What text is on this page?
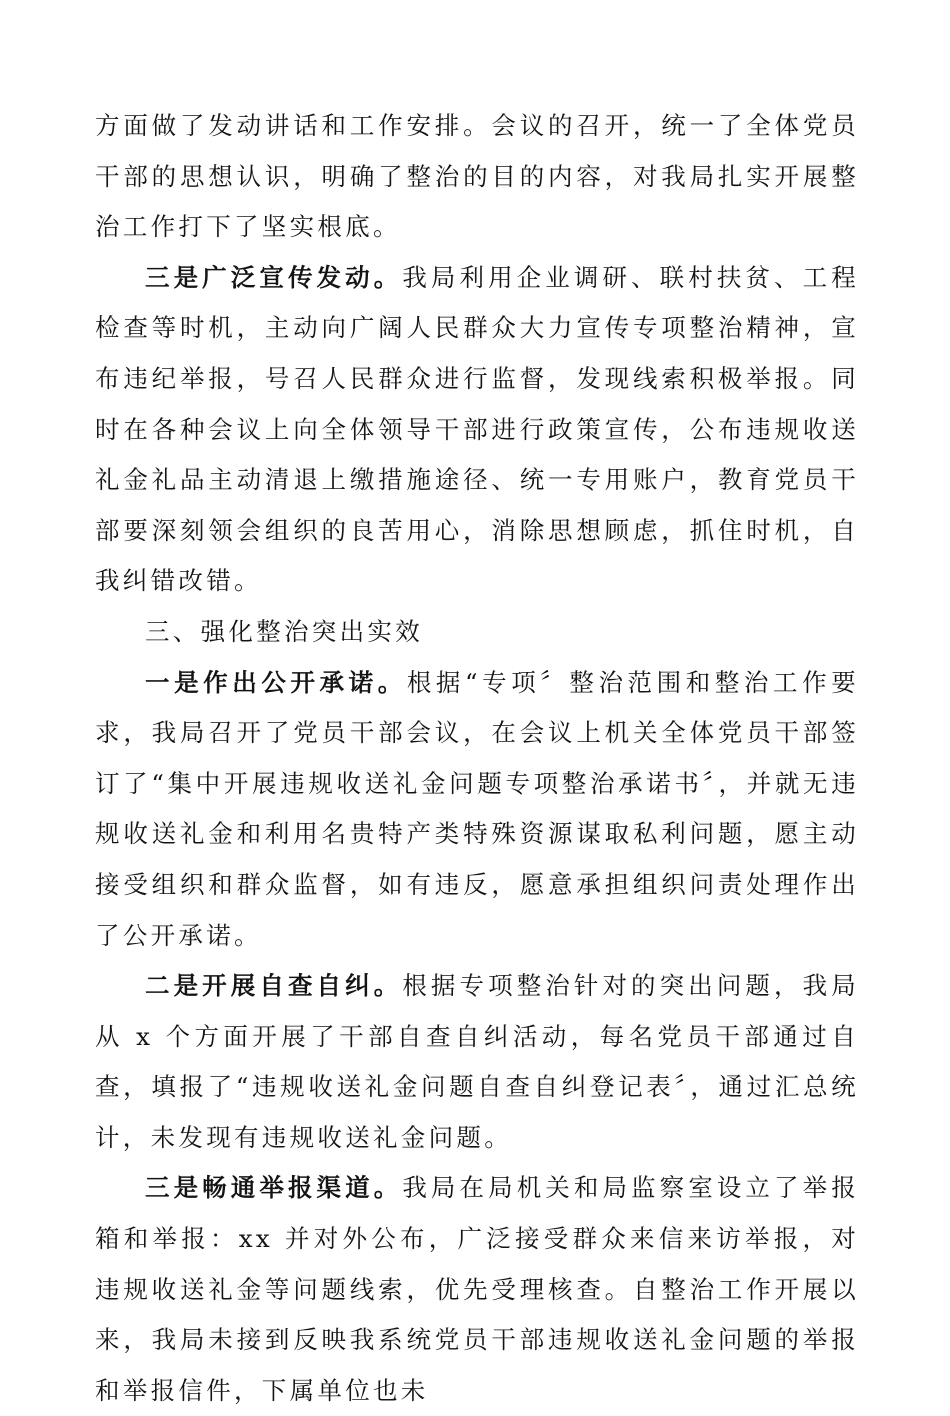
方面做了发动讲话和工作安排。会议的召开，统一了全体党员干部的思想认识，明确了整治的目的内容，对我局扎实开展整治工作打下了坚实根底。

三是广泛宣传发动。我局利用企业调研、联村扶贫、工程检查等时机，主动向广阔人民群众大力宣传专项整治精神，宣布违纪举报，号召人民群众进行监督，发现线索积极举报。同时在各种会议上向全体领导干部进行政策宣传，公布违规收送礼金礼品主动清退上缴措施途径、统一专用账户，教育党员干部要深刻领会组织的良苦用心，消除思想顾虑，抓住时机，自我纠错改错。

三、强化整治突出实效

一是作出公开承诺。根据“专项〞整治范围和整治工作要求，我局召开了党员干部会议，在会议上机关全体党员干部签订了“集中开展违规收送礼金问题专项整治承诺书〞，并就无违规收送礼金和利用名贵特产类特殊资源谋取私利问题，愿主动接受组织和群众监督，如有违反，愿意承担组织问责处理作出了公开承诺。

二是开展自查自纠。根据专项整治针对的突出问题，我局从 x 个方面开展了干部自查自纠活动，每名党员干部通过自查，填报了“违规收送礼金问题自查自纠登记表〞，通过汇总统计，未发现有违规收送礼金问题。

三是畅通举报渠道。我局在局机关和局监察室设立了举报箱和举报：xx 并对外公布，广泛接受群众来信来访举报，对违规收送礼金等问题线索，优先受理核查。自整治工作开展以来，我局未接到反映我系统党员干部违规收送礼金问题的举报和举报信件，下属单位也未
